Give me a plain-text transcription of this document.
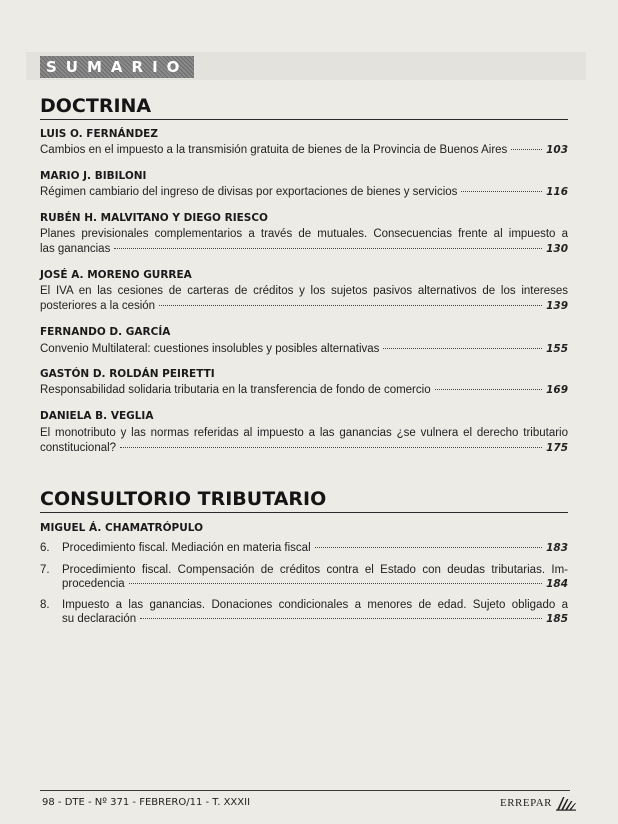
SUMARIO
DOCTRINA
LUIS O. FERNÁNDEZ
Cambios en el impuesto a la transmisión gratuita de bienes de la Provincia de Buenos Aires	103
MARIO J. BIBILONI
Régimen cambiario del ingreso de divisas por exportaciones de bienes y servicios	116
RUBÉN H. MALVITANO Y DIEGO RIESCO
Planes previsionales complementarios a través de mutuales. Consecuencias frente al impuesto a
las ganancias	130
JOSÉ A. MORENO GURREA
El IVA en las cesiones de carteras de créditos y los sujetos pasivos alternativos de los intereses
posteriores a la cesión	139
FERNANDO D. GARCÍA
Convenio Multilateral: cuestiones insolubles y posibles alternativas	155
GASTÓN D. ROLDÁN PEIRETTI
Responsabilidad solidaria tributaria en la transferencia de fondo de comercio	169
DANIELA B. VEGLIA
El monotributo y las normas referidas al impuesto a las ganancias ¿se vulnera el derecho tributario
constitucional?	175
CONSULTORIO TRIBUTARIO
MIGUEL Á. CHAMATRÓPULO
6. Procedimiento fiscal. Mediación en materia fiscal	183
7. Procedimiento fiscal. Compensación de créditos contra el Estado con deudas tributarias. Im-
procedencia	184
8. Impuesto a las ganancias. Donaciones condicionales a menores de edad. Sujeto obligado a
su declaración	185
98 - DTE - Nº 371 - FEBRERO/11 - T. XXXII	ERREPAR
